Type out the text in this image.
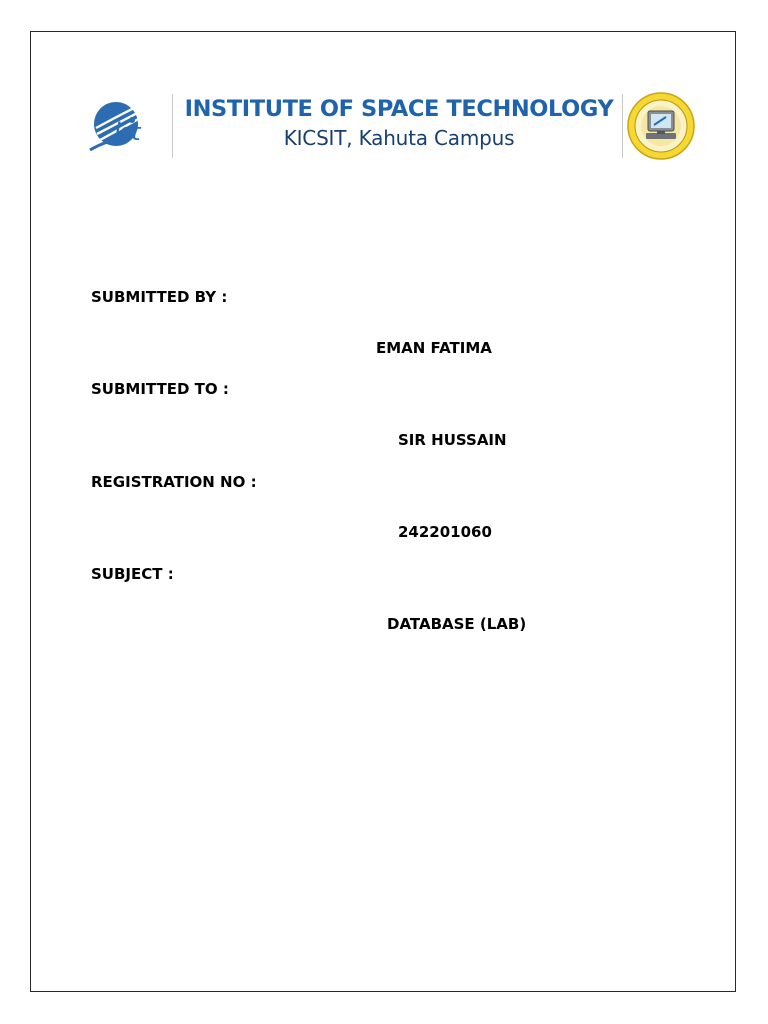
ist
INSTITUTE OF SPACE TECHNOLOGY
KICSIT, Kahuta Campus
SUBMITTED BY :
EMAN FATIMA
SUBMITTED TO :
SIR HUSSAIN
REGISTRATION NO :
242201060
SUBJECT :
DATABASE (LAB)
